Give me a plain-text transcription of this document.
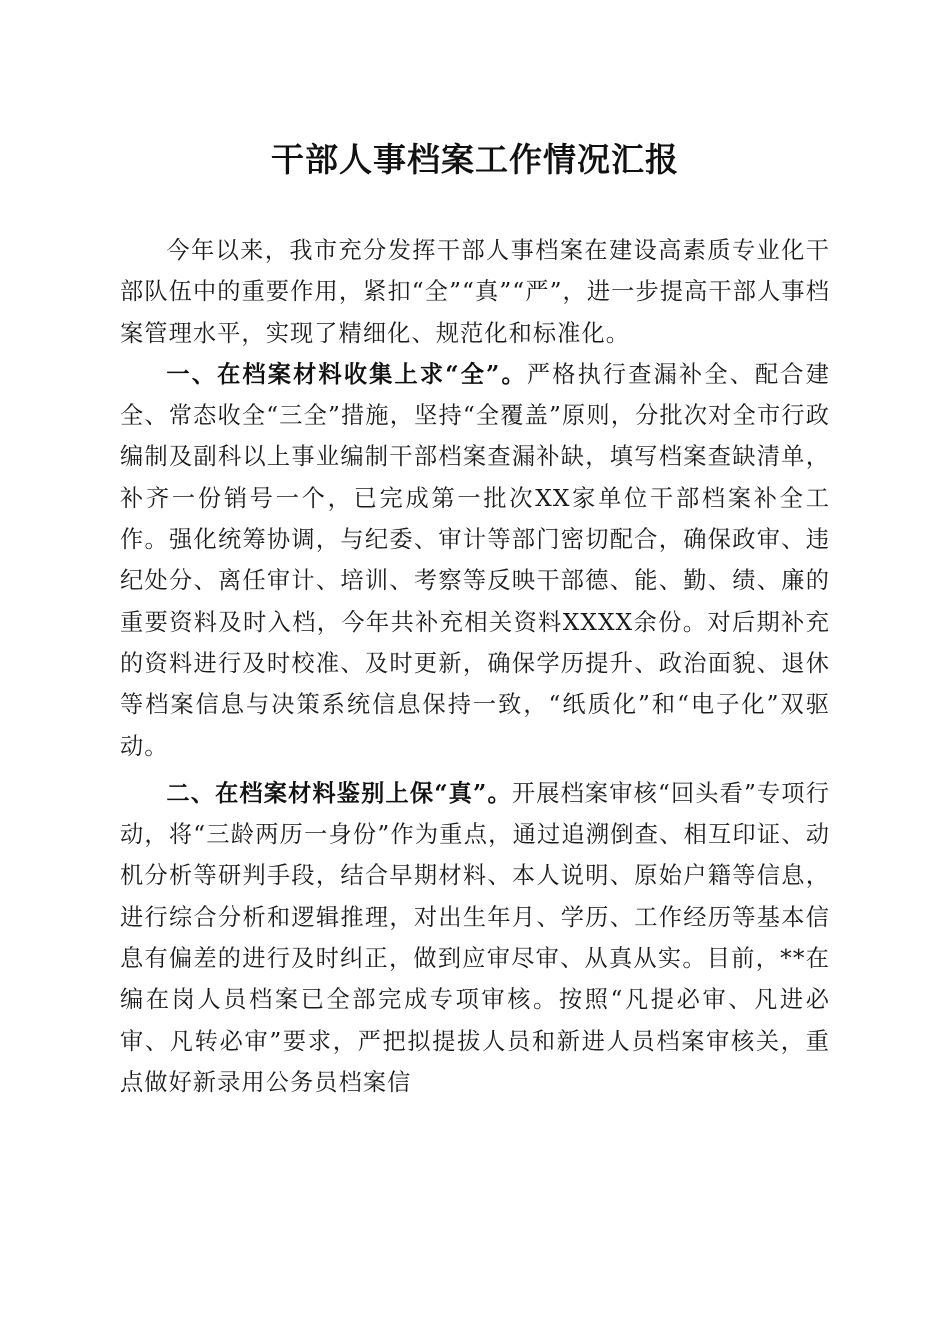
干部人事档案工作情况汇报

今年以来，我市充分发挥干部人事档案在建设高素质专业化干部队伍中的重要作用，紧扣“全”“真”“严”，进一步提高干部人事档案管理水平，实现了精细化、规范化和标准化。

一、在档案材料收集上求“全”。严格执行查漏补全、配合建全、常态收全“三全”措施，坚持“全覆盖”原则，分批次对全市行政编制及副科以上事业编制干部档案查漏补缺，填写档案查缺清单，补齐一份销号一个，已完成第一批次XX家单位干部档案补全工作。强化统筹协调，与纪委、审计等部门密切配合，确保政审、违纪处分、离任审计、培训、考察等反映干部德、能、勤、绩、廉的重要资料及时入档，今年共补充相关资料XXXX余份。对后期补充的资料进行及时校准、及时更新，确保学历提升、政治面貌、退休等档案信息与决策系统信息保持一致，“纸质化”和“电子化”双驱动。

二、在档案材料鉴别上保“真”。开展档案审核“回头看”专项行动，将“三龄两历一身份”作为重点，通过追溯倒查、相互印证、动机分析等研判手段，结合早期材料、本人说明、原始户籍等信息，进行综合分析和逻辑推理，对出生年月、学历、工作经历等基本信息有偏差的进行及时纠正，做到应审尽审、从真从实。目前，**在编在岗人员档案已全部完成专项审核。按照“凡提必审、凡进必审、凡转必审”要求，严把拟提拔人员和新进人员档案审核关，重点做好新录用公务员档案信
